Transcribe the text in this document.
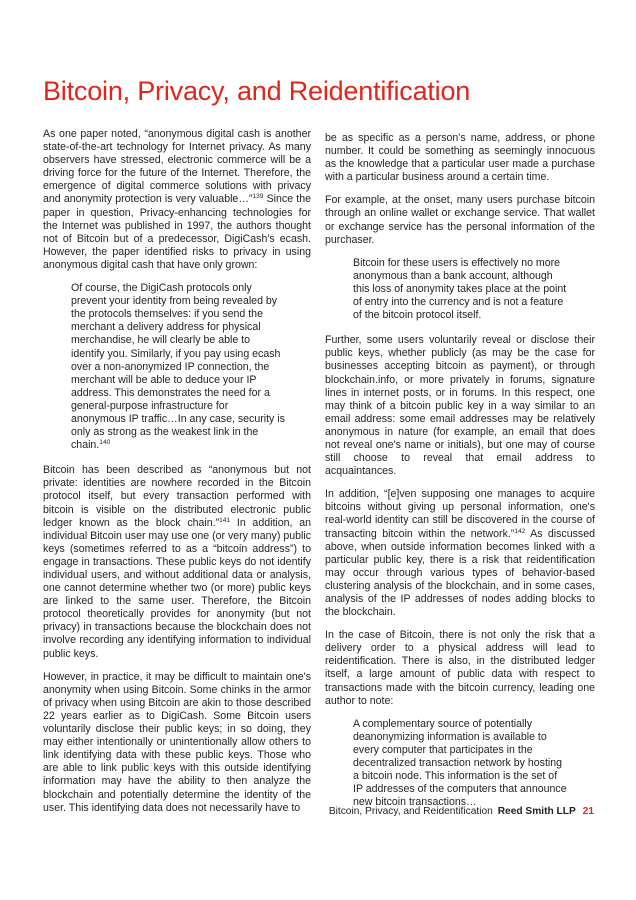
Bitcoin, Privacy, and Reidentification

As one paper noted, “anonymous digital cash is another state-of-the-art technology for Internet privacy. As many observers have stressed, electronic commerce will be a driving force for the future of the Internet. Therefore, the emergence of digital commerce solutions with privacy and anonymity protection is very valuable…”$^{139}$ Since the paper in question, Privacy-enhancing technologies for the Internet was published in 1997, the authors thought not of Bitcoin but of a predecessor, DigiCash's ecash. However, the paper identified risks to privacy in using anonymous digital cash that have only grown:

Of course, the DigiCash protocols only prevent your identity from being revealed by the protocols themselves: if you send the merchant a delivery address for physical merchandise, he will clearly be able to identify you. Similarly, if you pay using ecash over a non-anonymized IP connection, the merchant will be able to deduce your IP address. This demonstrates the need for a general-purpose infrastructure for anonymous IP traffic…In any case, security is only as strong as the weakest link in the chain.$^{140}$

Bitcoin has been described as “anonymous but not private: identities are nowhere recorded in the Bitcoin protocol itself, but every transaction performed with bitcoin is visible on the distributed electronic public ledger known as the block chain.”$^{141}$ In addition, an individual Bitcoin user may use one (or very many) public keys (sometimes referred to as a “bitcoin address”) to engage in transactions. These public keys do not identify individual users, and without additional data or analysis, one cannot determine whether two (or more) public keys are linked to the same user. Therefore, the Bitcoin protocol theoretically provides for anonymity (but not privacy) in transactions because the blockchain does not involve recording any identifying information to individual public keys.

However, in practice, it may be difficult to maintain one's anonymity when using Bitcoin. Some chinks in the armor of privacy when using Bitcoin are akin to those described 22 years earlier as to DigiCash. Some Bitcoin users voluntarily disclose their public keys; in so doing, they may either intentionally or unintentionally allow others to link identifying data with these public keys. Those who are able to link public keys with this outside identifying information may have the ability to then analyze the blockchain and potentially determine the identity of the user. This identifying data does not necessarily have to

be as specific as a person's name, address, or phone number. It could be something as seemingly innocuous as the knowledge that a particular user made a purchase with a particular business around a certain time.

For example, at the onset, many users purchase bitcoin through an online wallet or exchange service. That wallet or exchange service has the personal information of the purchaser.

Bitcoin for these users is effectively no more anonymous than a bank account, although this loss of anonymity takes place at the point of entry into the currency and is not a feature of the bitcoin protocol itself.

Further, some users voluntarily reveal or disclose their public keys, whether publicly (as may be the case for businesses accepting bitcoin as payment), or through blockchain.info, or more privately in forums, signature lines in internet posts, or in forums. In this respect, one may think of a bitcoin public key in a way similar to an email address: some email addresses may be relatively anonymous in nature (for example, an email that does not reveal one's name or initials), but one may of course still choose to reveal that email address to acquaintances.

In addition, “[e]ven supposing one manages to acquire bitcoins without giving up personal information, one's real-world identity can still be discovered in the course of transacting bitcoin within the network.”$^{142}$ As discussed above, when outside information becomes linked with a particular public key, there is a risk that reidentification may occur through various types of behavior-based clustering analysis of the blockchain, and in some cases, analysis of the IP addresses of nodes adding blocks to the blockchain.

In the case of Bitcoin, there is not only the risk that a delivery order to a physical address will lead to reidentification. There is also, in the distributed ledger itself, a large amount of public data with respect to transactions made with the bitcoin currency, leading one author to note:

A complementary source of potentially deanonymizing information is available to every computer that participates in the decentralized transaction network by hosting a bitcoin node. This information is the set of IP addresses of the computers that announce new bitcoin transactions…

Bitcoin, Privacy, and Reidentification Reed Smith LLP 21
